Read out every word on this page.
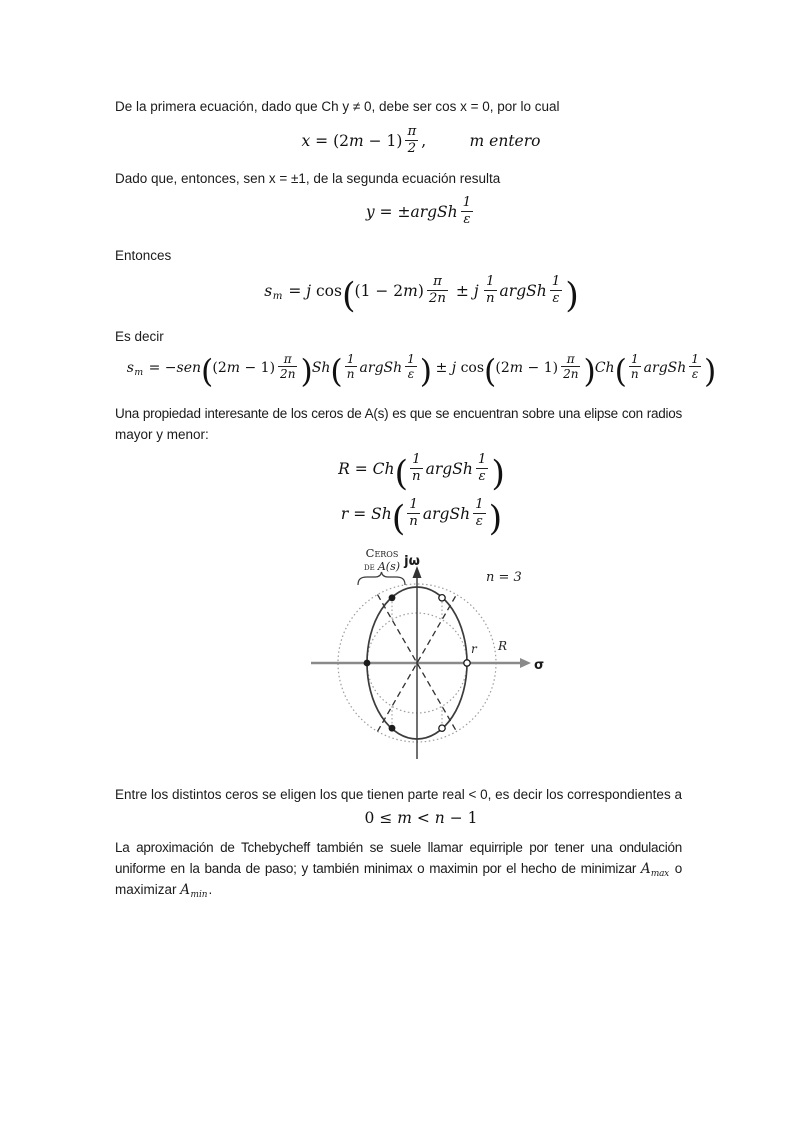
De la primera ecuación, dado que Ch y ≠ 0, debe ser cos x = 0, por lo cual

$x = (2m - 1) \frac{\pi}{2}$ ,	m entero

Dado que, entonces, sen x = ±1, de la segunda ecuación resulta

y = ±argSh $\frac{1}{\varepsilon}$

Entonces

sm = j $\cos((1 - 2m) \frac{\pi}{2n} \pm j \frac{1}{n}$ argSh $\frac{1}{\varepsilon}$ )

Es decir

sm = $-sen((2m - 1) \frac{\pi}{2n} )Sh( \frac{1}{n}$ argSh $\frac{1}{\varepsilon}$ ) ± j $\cos((2m - 1) \frac{\pi}{2n} )Ch( \frac{1}{n}$ argSh $\frac{1}{\varepsilon}$ )

Una propiedad interesante de los ceros de A(s) es que se encuentran sobre una elipse con radios

mayor y menor:

$R = Ch( \frac{1}{n}$ argSh $\frac{1}{\varepsilon}$ )
$r = Sh( \frac{1}{n}$ argSh $\frac{1}{\varepsilon}$ )
Ceros
de A(s) jω
σ
n = 3
r R

Entre los distintos ceros se eligen los que tienen parte real < 0, es decir los correspondientes a

0 ≤ m < n − 1

La aproximación de Tchebycheff también se suele llamar equirriple por tener una ondulación

uniforme en la banda de paso; y también minimax o maximin por el hecho de minimizar Amax o

maximizar Amin.
